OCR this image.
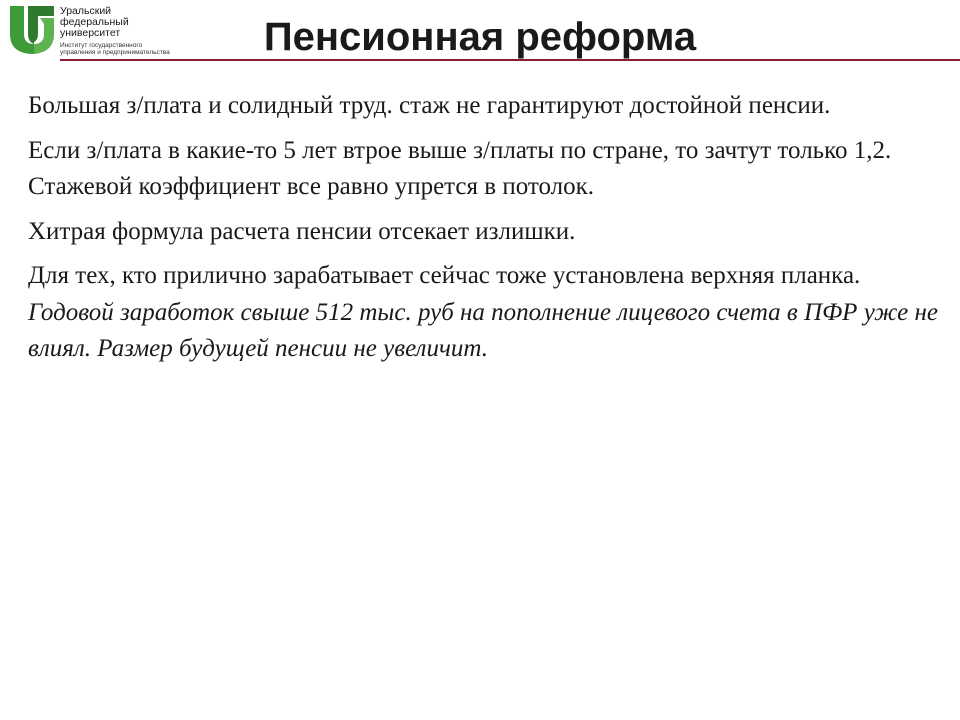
Уральский
федеральный
университет
Институт государственного
управления и предпринимательства	Пенсионная реформа

Большая з/плата и солидный труд. стаж не гарантируют достойной пенсии.

Если з/плата в какие-то 5 лет втрое выше з/платы по стране, то зачтут только 1,2. Стажевой коэффициент все равно упрется в потолок.

Хитрая формула расчета пенсии отсекает излишки.

Для тех, кто прилично зарабатывает сейчас тоже установлена верхняя планка. Годовой заработок свыше 512 тыс. руб на пополнение лицевого счета в ПФР уже не влиял. Размер будущей пенсии не увеличит.
